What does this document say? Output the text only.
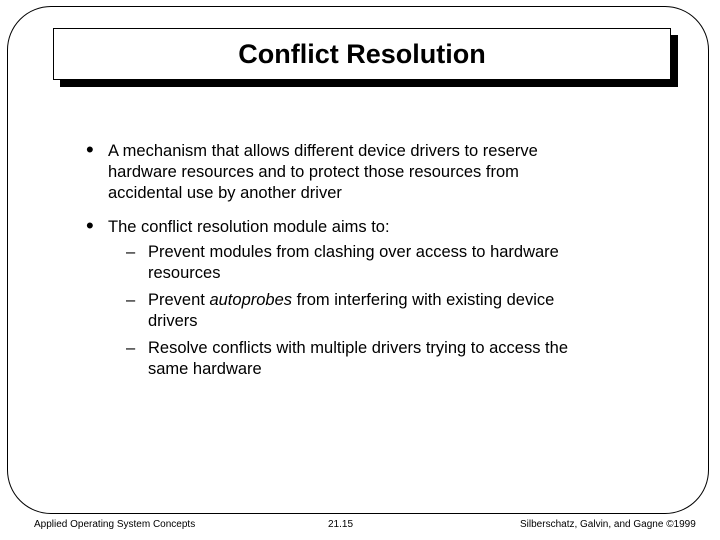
Conflict Resolution
• A mechanism that allows different device drivers to reserve
hardware resources and to protect those resources from
accidental use by another driver
• The conflict resolution module aims to:
– Prevent modules from clashing over access to hardware
resources
– Prevent autoprobes from interfering with existing device
drivers
– Resolve conflicts with multiple drivers trying to access the
same hardware
Applied Operating System Concepts	21.15	Silberschatz, Galvin, and Gagne ©1999
